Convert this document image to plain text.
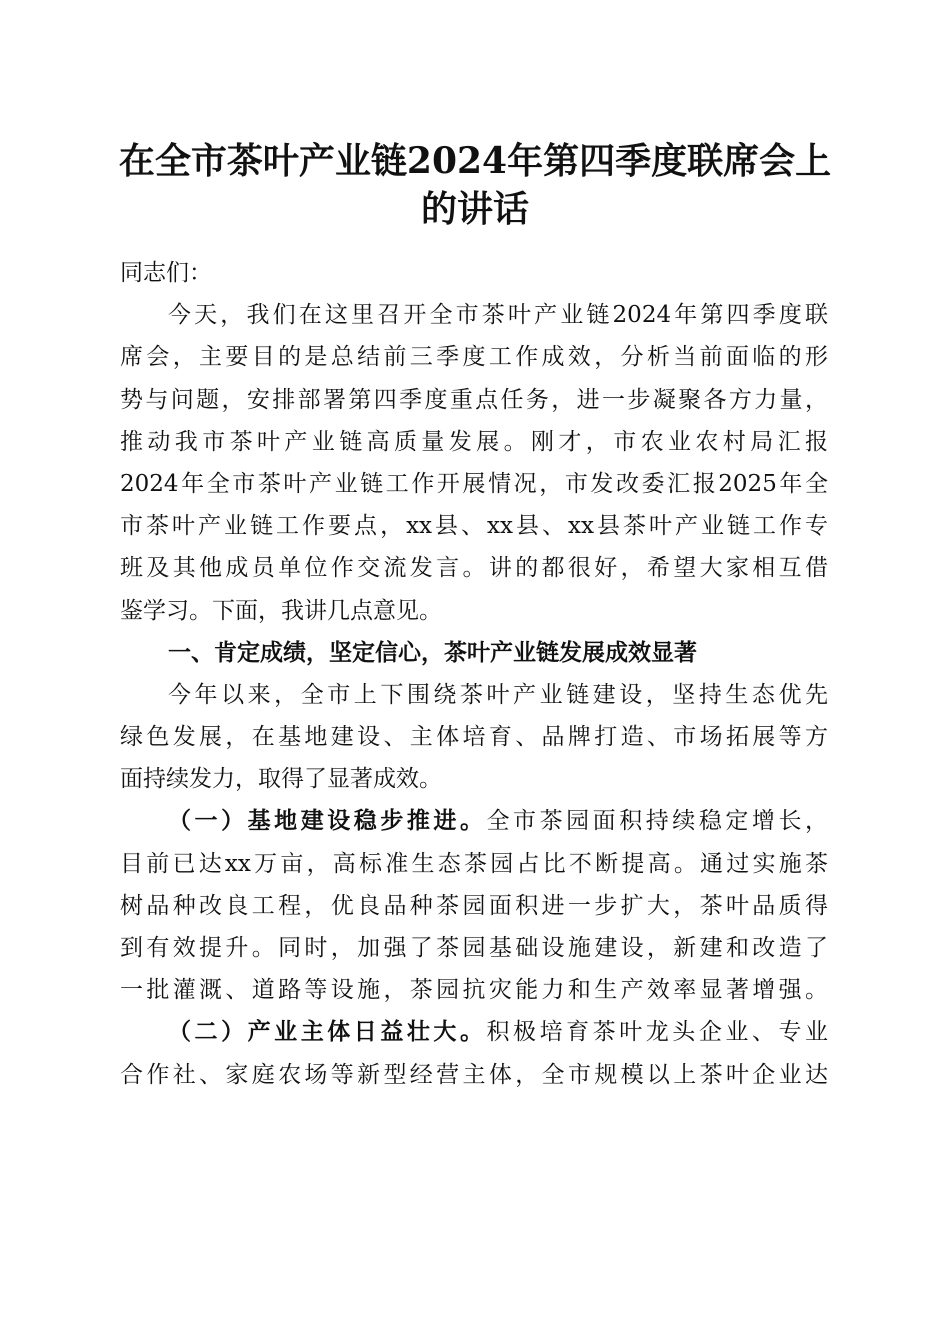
在全市茶叶产业链2024年第四季度联席会上
的讲话
同志们：
今天，我们在这里召开全市茶叶产业链2024年第四季度联
席会，主要目的是总结前三季度工作成效，分析当前面临的形
势与问题，安排部署第四季度重点任务，进一步凝聚各方力量，
推动我市茶叶产业链高质量发展。刚才，市农业农村局汇报
2024年全市茶叶产业链工作开展情况，市发改委汇报2025年全
市茶叶产业链工作要点，xx县、xx县、xx县茶叶产业链工作专
班及其他成员单位作交流发言。讲的都很好，希望大家相互借
鉴学习。下面，我讲几点意见。
一、肯定成绩，坚定信心，茶叶产业链发展成效显著
今年以来，全市上下围绕茶叶产业链建设，坚持生态优先
绿色发展，在基地建设、主体培育、品牌打造、市场拓展等方
面持续发力，取得了显著成效。
（一）基地建设稳步推进。全市茶园面积持续稳定增长，
目前已达xx万亩，高标准生态茶园占比不断提高。通过实施茶
树品种改良工程，优良品种茶园面积进一步扩大，茶叶品质得
到有效提升。同时，加强了茶园基础设施建设，新建和改造了
一批灌溉、道路等设施，茶园抗灾能力和生产效率显著增强。
（二）产业主体日益壮大。积极培育茶叶龙头企业、专业
合作社、家庭农场等新型经营主体，全市规模以上茶叶企业达
